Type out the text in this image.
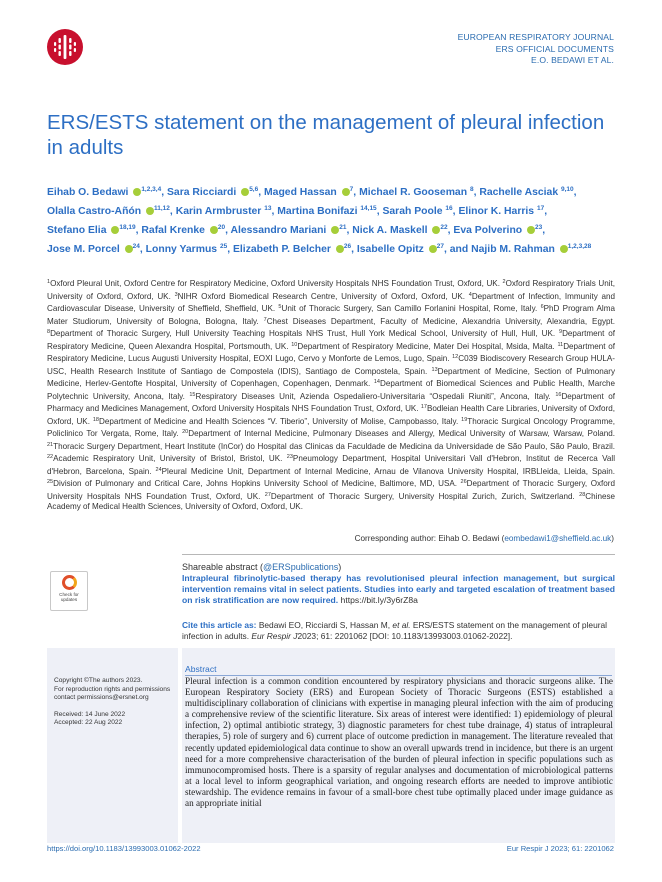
EUROPEAN RESPIRATORY JOURNAL
ERS OFFICIAL DOCUMENTS
E.O. BEDAWI ET AL.
ERS/ESTS statement on the management of pleural infection in adults

Eihab O. Bedawi $^{1,2,3,4}$, Sara Ricciardi $^{5,6}$, Maged Hassan $^7$, Michael R. Gooseman $^8$, Rachelle Asciak $^{9,10}$, Olalla Castro-Añón $^{11,12}$, Karin Armbruster $^{13}$, Martina Bonifazi $^{14,15}$, Sarah Poole $^{16}$, Elinor K. Harris $^{17}$, Stefano Elia $^{18,19}$, Rafal Krenke $^{20}$, Alessandro Mariani $^{21}$, Nick A. Maskell $^{22}$, Eva Polverino $^{23}$, Jose M. Porcel $^{24}$, Lonny Yarmus $^{25}$, Elizabeth P. Belcher $^{26}$, Isabelle Opitz $^{27}$, and Najib M. Rahman $^{1,2,3,28}$

$^1$Oxford Pleural Unit, Oxford Centre for Respiratory Medicine, Oxford University Hospitals NHS Foundation Trust, Oxford, UK. $^2$Oxford Respiratory Trials Unit, University of Oxford, Oxford, UK. $^3$NIHR Oxford Biomedical Research Centre, University of Oxford, Oxford, UK. $^4$Department of Infection, Immunity and Cardiovascular Disease, University of Sheffield, Sheffield, UK. $^5$Unit of Thoracic Surgery, San Camillo Forlanini Hospital, Rome, Italy. $^6$PhD Program Alma Mater Studiorum, University of Bologna, Bologna, Italy. $^7$Chest Diseases Department, Faculty of Medicine, Alexandria University, Alexandria, Egypt. $^8$Department of Thoracic Surgery, Hull University Teaching Hospitals NHS Trust, Hull York Medical School, University of Hull, Hull, UK. $^9$Department of Respiratory Medicine, Queen Alexandra Hospital, Portsmouth, UK. $^{10}$Department of Respiratory Medicine, Mater Dei Hospital, Msida, Malta. $^{11}$Department of Respiratory Medicine, Lucus Augusti University Hospital, EOXI Lugo, Cervo y Monforte de Lemos, Lugo, Spain. $^{12}$C039 Biodiscovery Research Group HULA-USC, Health Research Institute of Santiago de Compostela (IDIS), Santiago de Compostela, Spain. $^{13}$Department of Medicine, Section of Pulmonary Medicine, Herlev-Gentofte Hospital, University of Copenhagen, Copenhagen, Denmark. $^{14}$Department of Biomedical Sciences and Public Health, Marche Polytechnic University, Ancona, Italy. $^{15}$Respiratory Diseases Unit, Azienda Ospedaliero-Universitaria “Ospedali Riuniti”, Ancona, Italy. $^{16}$Department of Pharmacy and Medicines Management, Oxford University Hospitals NHS Foundation Trust, Oxford, UK. $^{17}$Bodleian Health Care Libraries, University of Oxford, Oxford, UK. $^{18}$Department of Medicine and Health Sciences “V. Tiberio”, University of Molise, Campobasso, Italy. $^{19}$Thoracic Surgical Oncology Programme, Policlinico Tor Vergata, Rome, Italy. $^{20}$Department of Internal Medicine, Pulmonary Diseases and Allergy, Medical University of Warsaw, Warsaw, Poland. $^{21}$Thoracic Surgery Department, Heart Institute (InCor) do Hospital das Clinicas da Faculdade de Medicina da Universidade de São Paulo, São Paulo, Brazil. $^{22}$Academic Respiratory Unit, University of Bristol, Bristol, UK. $^{23}$Pneumology Department, Hospital Universitari Vall d'Hebron, Institut de Recerca Vall d'Hebron, Barcelona, Spain. $^{24}$Pleural Medicine Unit, Department of Internal Medicine, Arnau de Vilanova University Hospital, IRBLleida, Lleida, Spain. $^{25}$Division of Pulmonary and Critical Care, Johns Hopkins University School of Medicine, Baltimore, MD, USA. $^{26}$Department of Thoracic Surgery, Oxford University Hospitals NHS Foundation Trust, Oxford, UK. $^{27}$Department of Thoracic Surgery, University Hospital Zurich, Zurich, Switzerland. $^{28}$Chinese Academy of Medical Health Sciences, University of Oxford, Oxford, UK.

Corresponding author: Eihab O. Bedawi (eombedawi1@sheffield.ac.uk)
Check for
updates
Shareable abstract (@ERSpublications)
Intrapleural fibrinolytic-based therapy has revolutionised pleural infection management, but surgical intervention remains vital in select patients. Studies into early and targeted escalation of treatment based on risk stratification are now required. https://bit.ly/3y6rZ8a
Cite this article as: Bedawi EO, Ricciardi S, Hassan M, et al. ERS/ESTS statement on the management of pleural infection in adults. Eur Respir J2023; 61: 2201062 [DOI: 10.1183/13993003.01062-2022].
Copyright ©The authors 2023.
For reproduction rights and permissions contact permissions@ersnet.org
Received: 14 June 2022
Accepted: 22 Aug 2022
Abstract

Pleural infection is a common condition encountered by respiratory physicians and thoracic surgeons alike. The European Respiratory Society (ERS) and European Society of Thoracic Surgeons (ESTS) established a multidisciplinary collaboration of clinicians with expertise in managing pleural infection with the aim of producing a comprehensive review of the scientific literature. Six areas of interest were identified: 1) epidemiology of pleural infection, 2) optimal antibiotic strategy, 3) diagnostic parameters for chest tube drainage, 4) status of intrapleural therapies, 5) role of surgery and 6) current place of outcome prediction in management. The literature revealed that recently updated epidemiological data continue to show an overall upwards trend in incidence, but there is an urgent need for a more comprehensive characterisation of the burden of pleural infection in specific populations such as immunocompromised hosts. There is a sparsity of regular analyses and documentation of microbiological patterns at a local level to inform geographical variation, and ongoing research efforts are needed to improve antibiotic stewardship. The evidence remains in favour of a small-bore chest tube optimally placed under image guidance as an appropriate initial

https://doi.org/10.1183/13993003.01062-2022	Eur Respir J 2023; 61: 2201062
